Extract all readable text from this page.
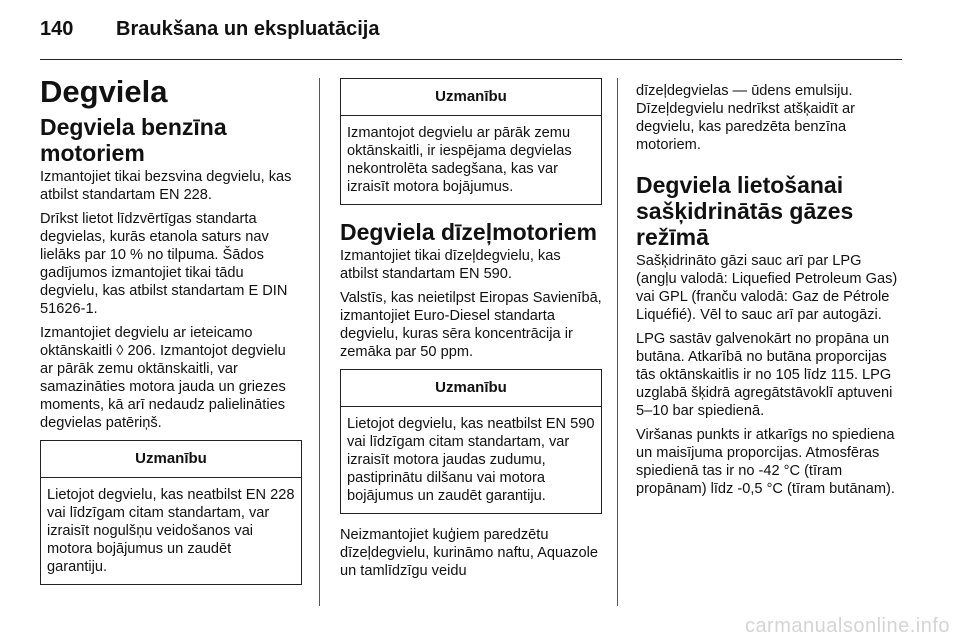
140 Braukšana un ekspluatācija
Degviela
Degviela benzīna motoriem

Izmantojiet tikai bezsvina degvielu, kas atbilst standartam EN 228.

Drīkst lietot līdzvērtīgas standarta degvielas, kurās etanola saturs nav lielāks par 10 % no tilpuma. Šādos gadījumos izmantojiet tikai tādu degvielu, kas atbilst standartam E DIN 51626-1.

Izmantojiet degvielu ar ieteicamo oktānskaitli ◊ 206. Izmantojot degvielu ar pārāk zemu oktānskaitli, var samazināties motora jauda un griezes moments, kā arī nedaudz palielināties degvielas patēriņš.

Uzmanību
Lietojot degvielu, kas neatbilst EN 228 vai līdzīgam citam standartam, var izraisīt nogulšņu veidošanos vai motora bojājumus un zaudēt garantiju.
Uzmanību
Izmantojot degvielu ar pārāk zemu oktānskaitli, ir iespējama degvielas nekontrolēta sadegšana, kas var izraisīt motora bojājumus.
Degviela dīzeļmotoriem

Izmantojiet tikai dīzeļdegvielu, kas atbilst standartam EN 590.

Valstīs, kas neietilpst Eiropas Savienībā, izmantojiet Euro-Diesel standarta degvielu, kuras sēra koncentrācija ir zemāka par 50 ppm.

Uzmanību
Lietojot degvielu, kas neatbilst EN 590 vai līdzīgam citam standartam, var izraisīt motora jaudas zudumu, pastiprinātu dilšanu vai motora bojājumus un zaudēt garantiju.

Neizmantojiet kuģiem paredzētu dīzeļdegvielu, kurināmo naftu, Aquazole un tamlīdzīgu veidu

dīzeļdegvielas — ūdens emulsiju. Dīzeļdegvielu nedrīkst atšķaidīt ar degvielu, kas paredzēta benzīna motoriem.

Degviela lietošanai sašķidrinātās gāzes režīmā

Sašķidrināto gāzi sauc arī par LPG (angļu valodā: Liquefied Petroleum Gas) vai GPL (franču valodā: Gaz de Pétrole Liquéfié). Vēl to sauc arī par autogāzi.

LPG sastāv galvenokārt no propāna un butāna. Atkarībā no butāna proporcijas tās oktānskaitlis ir no 105 līdz 115. LPG uzglabā šķidrā agregātstāvoklī aptuveni 5–10 bar spiedienā.

Viršanas punkts ir atkarīgs no spiediena un maisījuma proporcijas. Atmosfēras spiedienā tas ir no -42 °C (tīram propānam) līdz -0,5 °C (tīram butānam).

carmanualsonline.info
